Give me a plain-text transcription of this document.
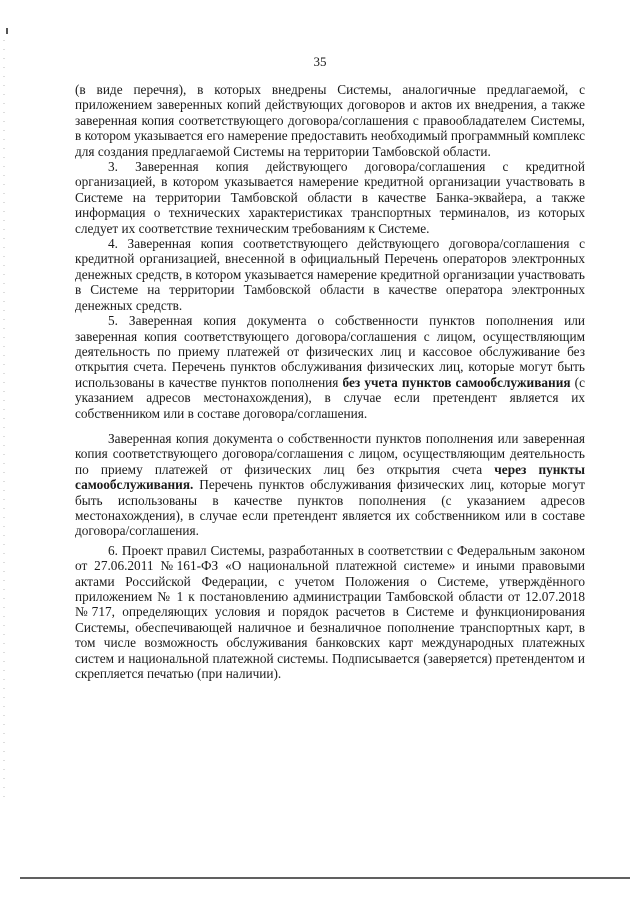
35

(в виде перечня), в которых внедрены Системы, аналогичные предлагаемой, с приложением заверенных копий действующих договоров и актов их внедрения, а также заверенная копия соответствующего договора/соглашения с правообладателем Системы, в котором указывается его намерение предоставить необходимый программный комплекс для создания предлагаемой Системы на территории Тамбовской области.

3. Заверенная копия действующего договора/соглашения с кредитной организацией, в котором указывается намерение кредитной организации участвовать в Системе на территории Тамбовской области в качестве Банка-эквайера, а также информация о технических характеристиках транспортных терминалов, из которых следует их соответствие техническим требованиям к Системе.

4. Заверенная копия соответствующего действующего договора/соглашения с кредитной организацией, внесенной в официальный Перечень операторов электронных денежных средств, в котором указывается намерение кредитной организации участвовать в Системе на территории Тамбовской области в качестве оператора электронных денежных средств.

5. Заверенная копия документа о собственности пунктов пополнения или заверенная копия соответствующего договора/соглашения с лицом, осуществляющим деятельность по приему платежей от физических лиц и кассовое обслуживание без открытия счета. Перечень пунктов обслуживания физических лиц, которые могут быть использованы в качестве пунктов пополнения без учета пунктов самообслуживания (с указанием адресов местонахождения), в случае если претендент является их собственником или в составе договора/соглашения.

Заверенная копия документа о собственности пунктов пополнения или заверенная копия соответствующего договора/соглашения с лицом, осуществляющим деятельность по приему платежей от физических лиц без открытия счета через пункты самообслуживания. Перечень пунктов обслуживания физических лиц, которые могут быть использованы в качестве пунктов пополнения (с указанием адресов местонахождения), в случае если претендент является их собственником или в составе договора/соглашения.

6. Проект правил Системы, разработанных в соответствии с Федеральным законом от 27.06.2011 №161-ФЗ «О национальной платежной системе» и иными правовыми актами Российской Федерации, с учетом Положения о Системе, утверждённого приложением № 1 к постановлению администрации Тамбовской области от 12.07.2018 №717, определяющих условия и порядок расчетов в Системе и функционирования Системы, обеспечивающей наличное и безналичное пополнение транспортных карт, в том числе возможность обслуживания банковских карт международных платежных систем и национальной платежной системы. Подписывается (заверяется) претендентом и скрепляется печатью (при наличии).
